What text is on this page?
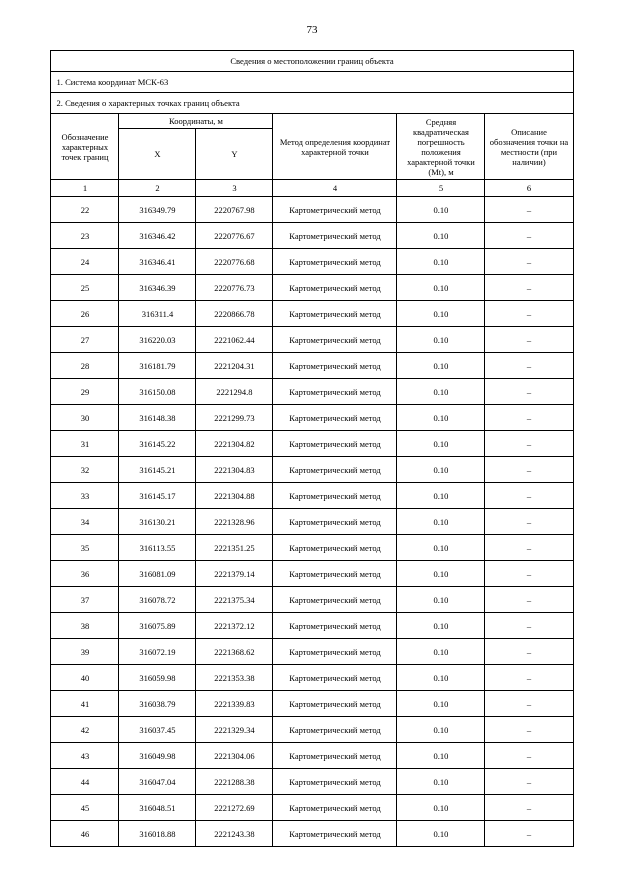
73
Сведения о местоположении границ объекта					
1. Система координат МСК-63					
2. Сведения о характерных точках границ объекта					
Обозначение характерных точек границ	Координаты, м		Метод определения координат характерной точки	Средняя квадратическая погрешность положения характерной точки (Mt), м	Описание обозначения точки на местности (при наличии)
	X	Y			
1	2	3	4	5	6
22	316349.79	2220767.98	Картометрический метод	0.10	–
23	316346.42	2220776.67	Картометрический метод	0.10	–
24	316346.41	2220776.68	Картометрический метод	0.10	–
25	316346.39	2220776.73	Картометрический метод	0.10	–
26	316311.4	2220866.78	Картометрический метод	0.10	–
27	316220.03	2221062.44	Картометрический метод	0.10	–
28	316181.79	2221204.31	Картометрический метод	0.10	–
29	316150.08	2221294.8	Картометрический метод	0.10	–
30	316148.38	2221299.73	Картометрический метод	0.10	–
31	316145.22	2221304.82	Картометрический метод	0.10	–
32	316145.21	2221304.83	Картометрический метод	0.10	–
33	316145.17	2221304.88	Картометрический метод	0.10	–
34	316130.21	2221328.96	Картометрический метод	0.10	–
35	316113.55	2221351.25	Картометрический метод	0.10	–
36	316081.09	2221379.14	Картометрический метод	0.10	–
37	316078.72	2221375.34	Картометрический метод	0.10	–
38	316075.89	2221372.12	Картометрический метод	0.10	–
39	316072.19	2221368.62	Картометрический метод	0.10	–
40	316059.98	2221353.38	Картометрический метод	0.10	–
41	316038.79	2221339.83	Картометрический метод	0.10	–
42	316037.45	2221329.34	Картометрический метод	0.10	–
43	316049.98	2221304.06	Картометрический метод	0.10	–
44	316047.04	2221288.38	Картометрический метод	0.10	–
45	316048.51	2221272.69	Картометрический метод	0.10	–
46	316018.88	2221243.38	Картометрический метод	0.10	–
